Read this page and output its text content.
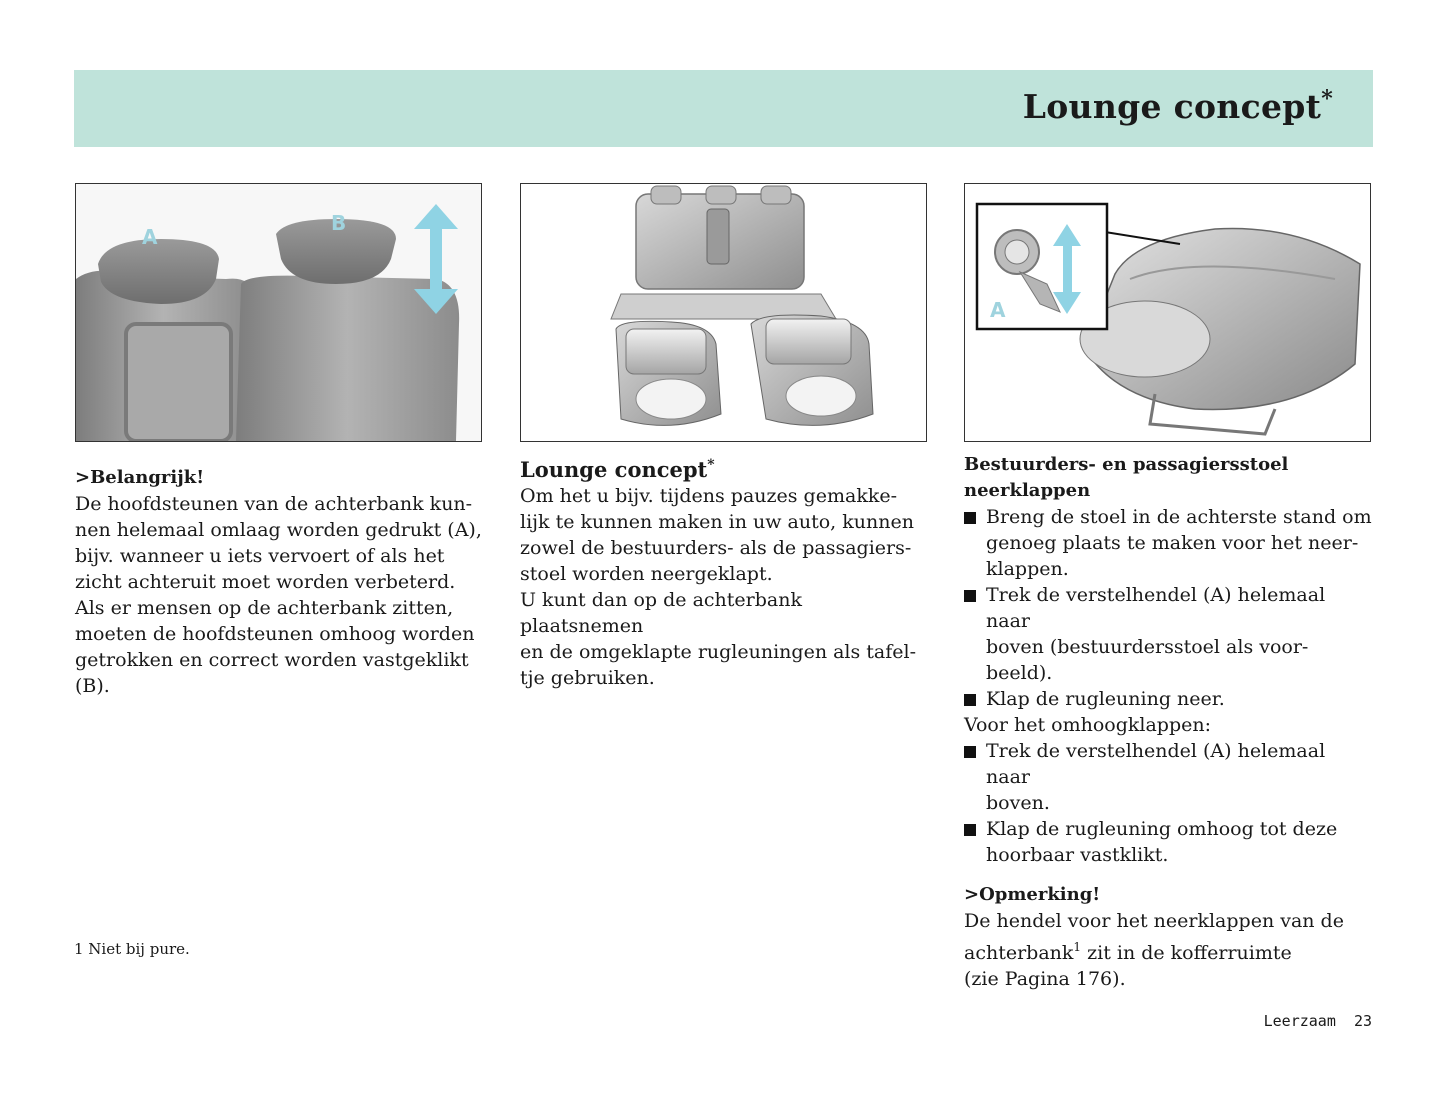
Lounge concept*
A
B
A

>Belangrijk!

De hoofdsteunen van de achterbank kun-

nen helemaal omlaag worden gedrukt (A),

bijv. wanneer u iets vervoert of als het

zicht achteruit moet worden verbeterd.

Als er mensen op de achterbank zitten,

moeten de hoofdsteunen omhoog worden

getrokken en correct worden vastgeklikt

(B).

Lounge concept*

Om het u bijv. tijdens pauzes gemakke-

lijk te kunnen maken in uw auto, kunnen

zowel de bestuurders- als de passagiers-

stoel worden neergeklapt.

U kunt dan op de achterbank plaatsnemen

en de omgeklapte rugleuningen als tafel-

tje gebruiken.

Bestuurders- en passagiersstoel
neerklappen

Breng de stoel in de achterste stand om
genoeg plaats te maken voor het neer-
klappen.
Trek de verstelhendel (A) helemaal naar
boven (bestuurdersstoel als voor-
beeld).
Klap de rugleuning neer.

Voor het omhoogklappen:

Trek de verstelhendel (A) helemaal naar
boven.
Klap de rugleuning omhoog tot deze
hoorbaar vastklikt.

>Opmerking!

De hendel voor het neerklappen van de
achterbank$^1$ zit in de kofferruimte
(zie Pagina 176).

1 Niet bij pure.
Leerzaam 23
